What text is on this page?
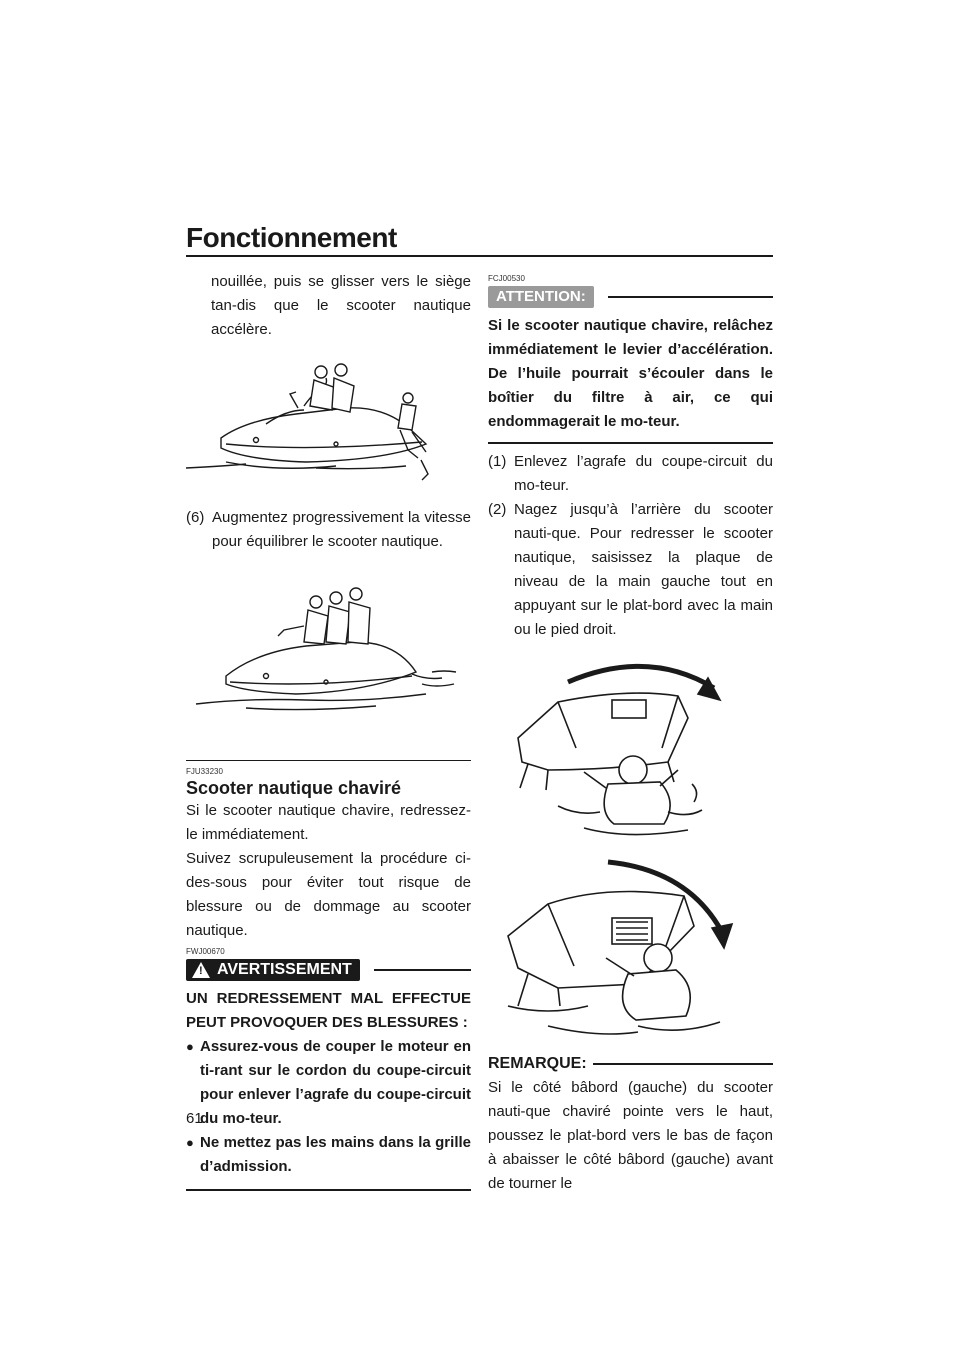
Fonctionnement
nouillée, puis se glisser vers le siège tan-dis que le scooter nautique accélère.
(6) Augmentez progressivement la vitesse pour équilibrer le scooter nautique.
FJU33230
Scooter nautique chaviré
Si le scooter nautique chavire, redressez-le immédiatement.
Suivez scrupuleusement la procédure ci-des-sous pour éviter tout risque de blessure ou de dommage au scooter nautique.
FWJ00670
! AVERTISSEMENT
UN REDRESSEMENT MAL EFFECTUE PEUT PROVOQUER DES BLESSURES :
● Assurez-vous de couper le moteur en ti-rant sur le cordon du coupe-circuit pour enlever l’agrafe du coupe-circuit du mo-teur.
● Ne mettez pas les mains dans la grille d’admission.
FCJ00530
ATTENTION:
Si le scooter nautique chavire, relâchez immédiatement le levier d’accélération. De l’huile pourrait s’écouler dans le boîtier du filtre à air, ce qui endommagerait le mo-teur.
(1) Enlevez l’agrafe du coupe-circuit du mo-teur.
(2) Nagez jusqu’à l’arrière du scooter nauti-que. Pour redresser le scooter nautique, saisissez la plaque de niveau de la main gauche tout en appuyant sur le plat-bord avec la main ou le pied droit.
REMARQUE:
Si le côté bâbord (gauche) du scooter nauti-que chaviré pointe vers le haut, poussez le plat-bord vers le bas de façon à abaisser le côté bâbord (gauche) avant de tourner le
61
